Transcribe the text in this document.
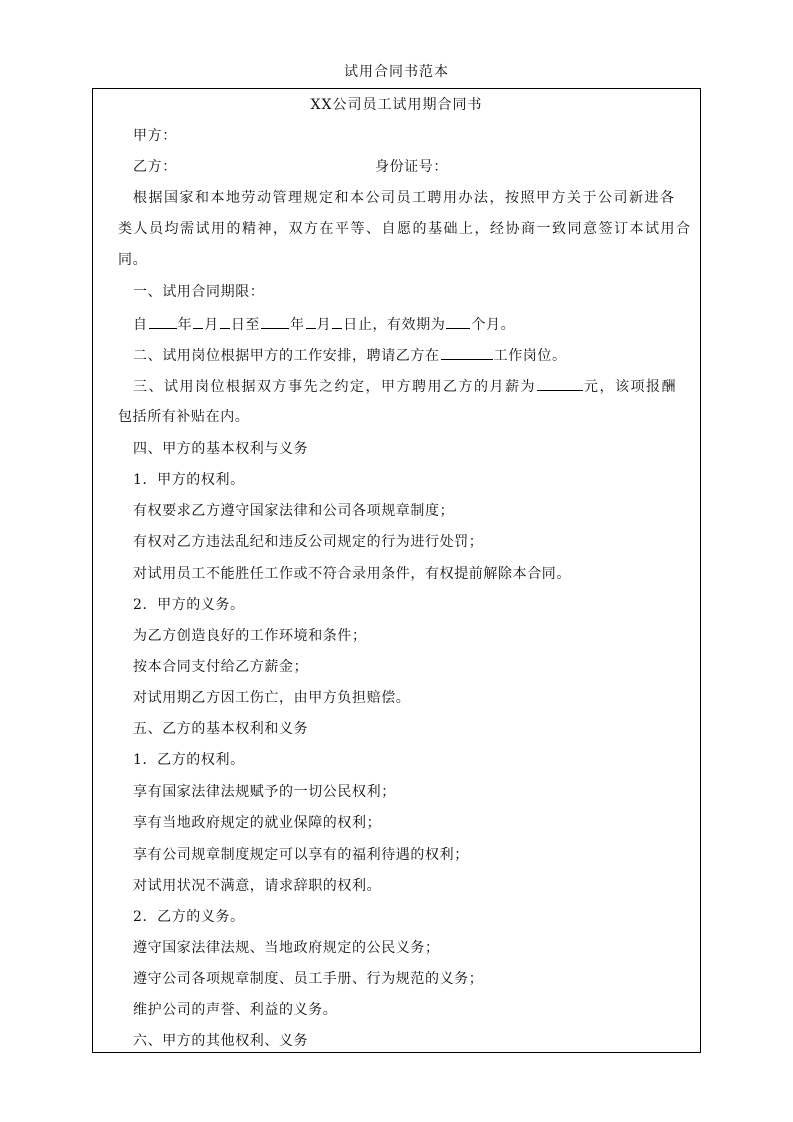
试用合同书范本
XX公司员工试用期合同书
甲方：
乙方：	身份证号：
根据国家和本地劳动管理规定和本公司员工聘用办法，按照甲方关于公司新进各
类人员均需试用的精神，双方在平等、自愿的基础上，经协商一致同意签订本试用合
同。
一、试用合同期限：
自 年 月 日至 年 月 日止，有效期为 个月。
二、试用岗位根据甲方的工作安排，聘请乙方在	工作岗位。
三、试用岗位根据双方事先之约定，甲方聘用乙方的月薪为	元，该项报酬
包括所有补贴在内。
四、甲方的基本权利与义务
1．甲方的权利。
有权要求乙方遵守国家法律和公司各项规章制度；
有权对乙方违法乱纪和违反公司规定的行为进行处罚；
对试用员工不能胜任工作或不符合录用条件，有权提前解除本合同。
2．甲方的义务。
为乙方创造良好的工作环境和条件；
按本合同支付给乙方薪金；
对试用期乙方因工伤亡，由甲方负担赔偿。
五、乙方的基本权利和义务
1．乙方的权利。
享有国家法律法规赋予的一切公民权利；
享有当地政府规定的就业保障的权利；
享有公司规章制度规定可以享有的福利待遇的权利；
对试用状况不满意，请求辞职的权利。
2．乙方的义务。
遵守国家法律法规、当地政府规定的公民义务；
遵守公司各项规章制度、员工手册、行为规范的义务；
维护公司的声誉、利益的义务。
六、甲方的其他权利、义务
